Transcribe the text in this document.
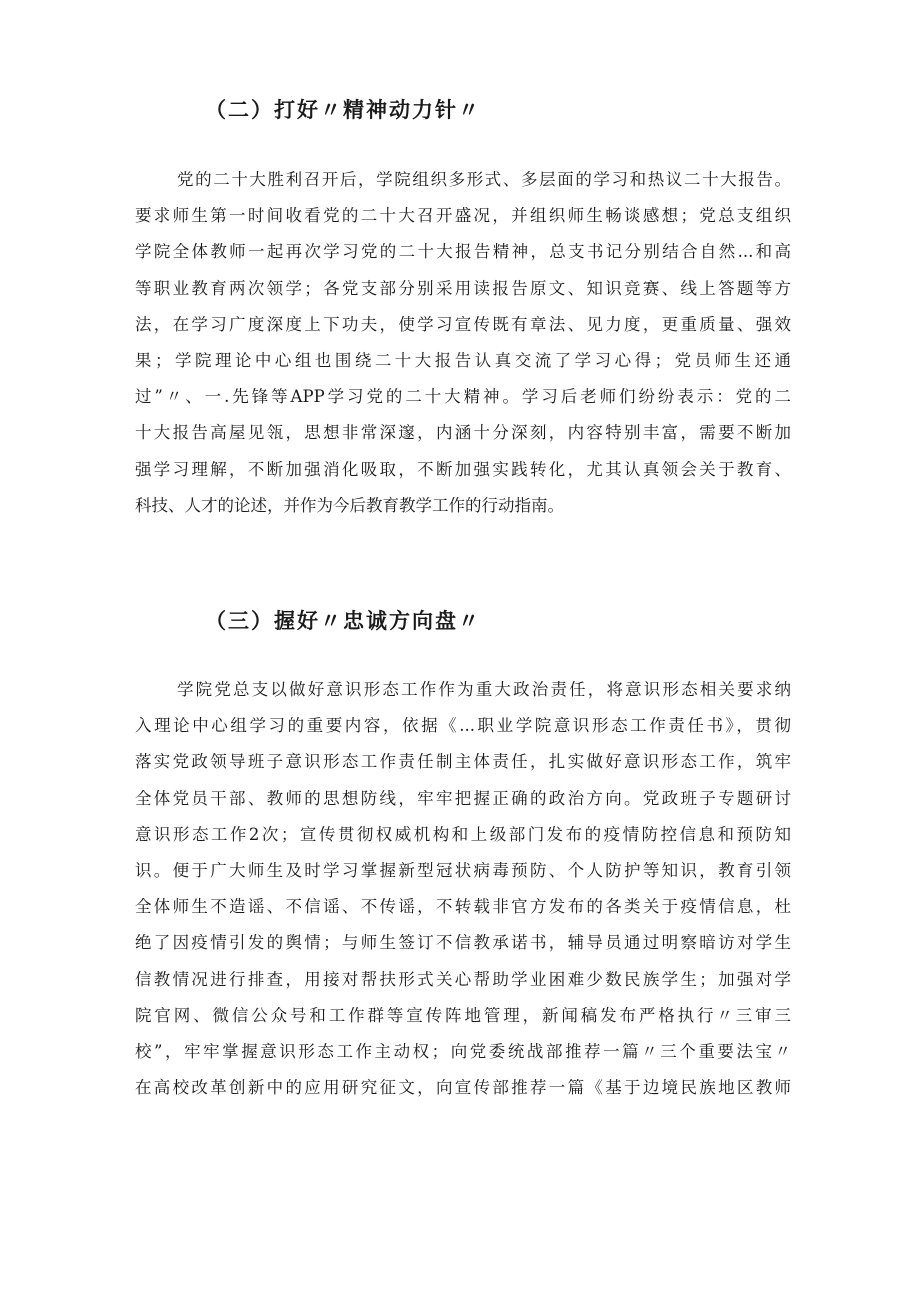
（二）打好〃精神动力针〃
党的二十大胜利召开后，学院组织多形式、多层面的学习和热议二十大报告。
要求师生第一时间收看党的二十大召开盛况，并组织师生畅谈感想；党总支组织
学院全体教师一起再次学习党的二十大报告精神，总支书记分别结合自然...和高
等职业教育两次领学；各党支部分别采用读报告原文、知识竞赛、线上答题等方
法，在学习广度深度上下功夫，使学习宣传既有章法、见力度，更重质量、强效
果；学院理论中心组也围绕二十大报告认真交流了学习心得；党员师生还通
过”〃、一.先锋等APP学习党的二十大精神。学习后老师们纷纷表示：党的二
十大报告高屋见瓴，思想非常深邃，内涵十分深刻，内容特别丰富，需要不断加
强学习理解，不断加强消化吸取，不断加强实践转化，尤其认真领会关于教育、
科技、人才的论述，并作为今后教育教学工作的行动指南。
（三）握好〃忠诚方向盘〃
学院党总支以做好意识形态工作作为重大政治责任，将意识形态相关要求纳
入理论中心组学习的重要内容，依据《...职业学院意识形态工作责任书》，贯彻
落实党政领导班子意识形态工作责任制主体责任，扎实做好意识形态工作，筑牢
全体党员干部、教师的思想防线，牢牢把握正确的政治方向。党政班子专题研讨
意识形态工作2次；宣传贯彻权威机构和上级部门发布的疫情防控信息和预防知
识。便于广大师生及时学习掌握新型冠状病毒预防、个人防护等知识，教育引领
全体师生不造谣、不信谣、不传谣，不转载非官方发布的各类关于疫情信息，杜
绝了因疫情引发的舆情；与师生签订不信教承诺书，辅导员通过明察暗访对学生
信教情况进行排查，用接对帮扶形式关心帮助学业困难少数民族学生；加强对学
院官网、微信公众号和工作群等宣传阵地管理，新闻稿发布严格执行〃三审三
校”，牢牢掌握意识形态工作主动权；向党委统战部推荐一篇〃三个重要法宝〃
在高校改革创新中的应用研究征文，向宣传部推荐一篇《基于边境民族地区教师
